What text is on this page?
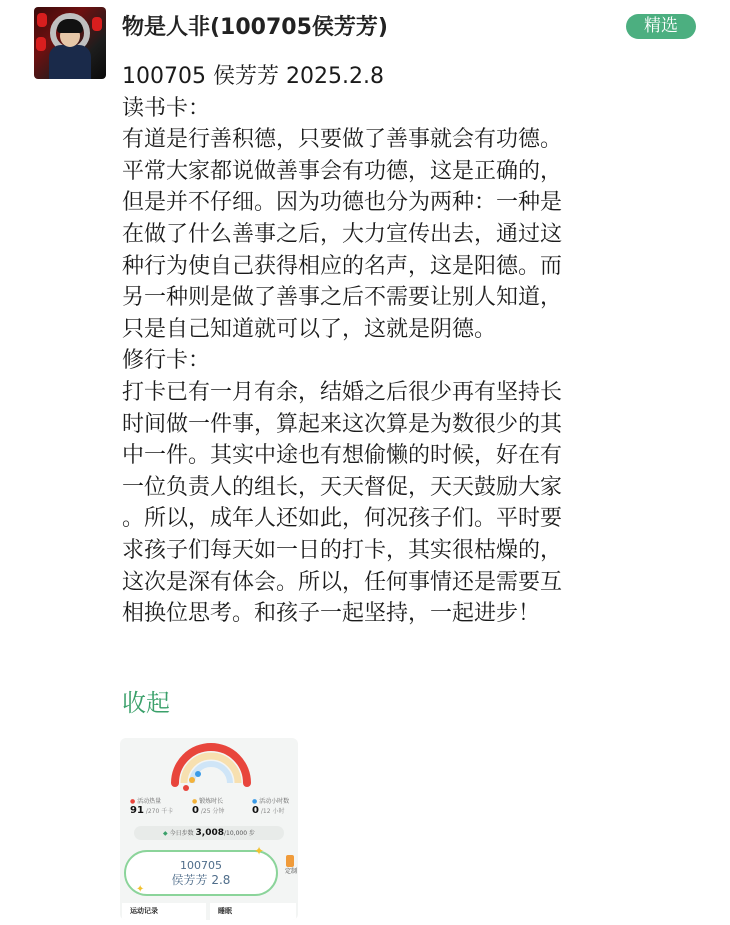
物是人非(100705侯芳芳)	精选
100705 侯芳芳 2025.2.8
读书卡：
有道是行善积德，只要做了善事就会有功德。
平常大家都说做善事会有功德，这是正确的，
但是并不仔细。因为功德也分为两种：一种是
在做了什么善事之后，大力宣传出去，通过这
种行为使自己获得相应的名声，这是阳德。而
另一种则是做了善事之后不需要让别人知道，
只是自己知道就可以了，这就是阴德。
修行卡：
打卡已有一月有余，结婚之后很少再有坚持长
时间做一件事，算起来这次算是为数很少的其
中一件。其实中途也有想偷懒的时候，好在有
一位负责人的组长，天天督促，天天鼓励大家
。所以，成年人还如此，何况孩子们。平时要
求孩子们每天如一日的打卡，其实很枯燥的，
这次是深有体会。所以，任何事情还是需要互
相换位思考。和孩子一起坚持，一起进步！
收起
● 活动热量
91 /270 千卡
● 锻炼时长
0 /25 分钟
● 活动小时数
0 /12 小时
◆ 今日步数 3,008/10,000 步
100705
侯芳芳 2.8
✦
✦
定制
运动记录	睡眠
